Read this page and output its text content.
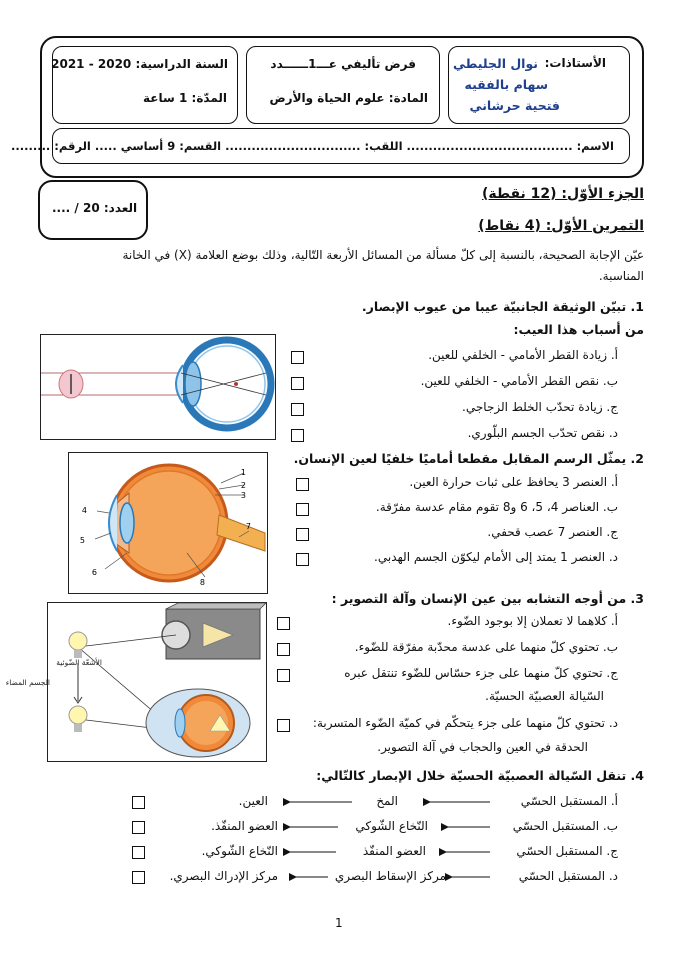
الأستاذات:
نوال الجليطي
سهام بالفقيه
فتحية حرشاني
فرض تأليفي عـــ1ــــــدد
المادة: علوم الحياة والأرض
السنة الدراسية: 2020 - 2021
المدّة: 1 ساعة
الاسم: ...................................... اللقب: ............................... القسم: 9 أساسي ..... الرقم: .........
العدد: 20 / ....
الجزء الأوّل: (12 نقطة)
التمرين الأوّل: (4 نقاط)
عيّن الإجابة الصحيحة، بالنسبة إلى كلّ مسألة من المسائل الأربعة التّالية، وذلك بوضع العلامة (X) في الخانة
المناسبة.
1. تبيّن الوثيقة الجانبيّة عيبا من عيوب الإبصار.
من أسباب هذا العيب:
أ. زيادة القطر الأمامي - الخلفي للعين.
ب. نقص القطر الأمامي - الخلفي للعين.
ج. زيادة تحدّب الخلط الزجاجي.
د. نقص تحدّب الجسم البلّوري.
2. يمثّل الرسم المقابل مقطعا أماميًا خلفيًا لعين الإنسان.
أ. العنصر 3 يحافظ على ثبات حرارة العين.
ب. العناصر 4، 5، 6 و8 تقوم مقام عدسة مفرّقة.
ج. العنصر 7 عصب قحفي.
د. العنصر 1 يمتد إلى الأمام ليكوّن الجسم الهدبي.
1
2
3
4
5
6
7
8
3. من أوجه التشابه بين عين الإنسان وآلة التصوير :
أ. كلاهما لا تعملان إلا بوجود الضّوء.
ب. تحتوي كلّ منهما على عدسة محدّبة مفرّقة للضّوء.
ج. تحتوي كلّ منهما على جزء حسّاس للضّوء تنتقل عبره
السّيالة العصبيّة الحسيّة.
د. تحتوي كلّ منهما على جزء يتحكّم في كميّة الضّوء المتسربة:
الحدقة في العين والحجاب في آلة التصوير.
الأشعّة الضّوئية
الجسم المضاء
4. تنقل السّيالة العصبيّة الحسيّة خلال الإبصار كالتّالي:
أ. المستقبل الحسّي
المخ
العين.
ب. المستقبل الحسّي
النّخاع الشّوكي
العضو المنفّذ.
ج. المستقبل الحسّي
العضو المنفّذ
النّخاع الشّوكي.
د. المستقبل الحسّي
مركز الإسقاط البصري
مركز الإدراك البصري.
1
